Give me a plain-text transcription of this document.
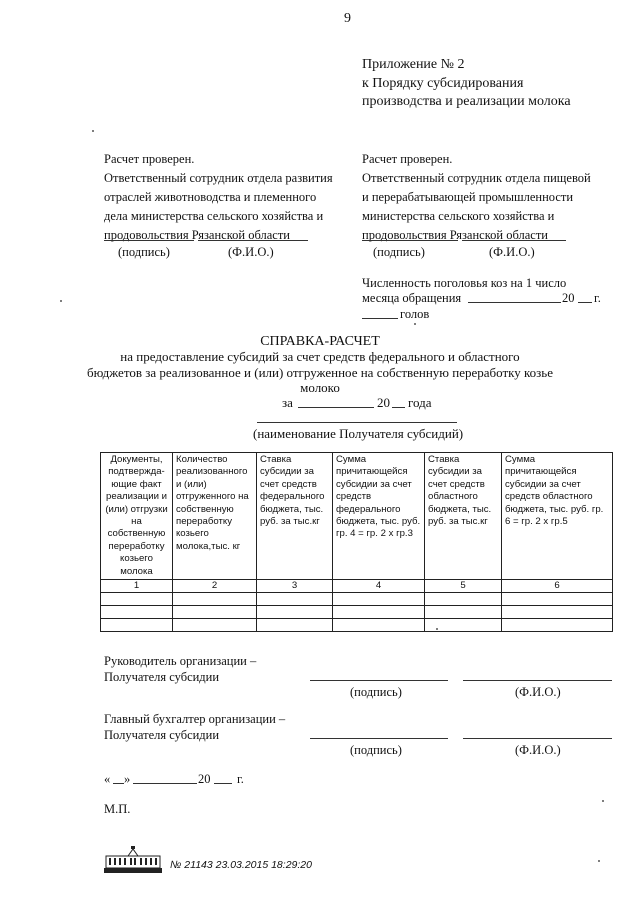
9
Приложение № 2
к Порядку субсидирования
производства и реализации молока
Расчет проверен.
Ответственный сотрудник отдела развития
отраслей животноводства и племенного
дела министерства сельского хозяйства и
продовольствия Рязанской области
(подпись)	(Ф.И.О.)
Расчет проверен.
Ответственный сотрудник отдела пищевой
и перерабатывающей промышленности
министерства сельского хозяйства и
продовольствия Рязанской области
(подпись)	(Ф.И.О.)
Численность поголовья коз на 1 число
месяца обращения	20 г.
голов
СПРАВКА-РАСЧЕТ
на предоставление субсидий за счет средств федерального и областного
бюджетов за реализованное и (или) отгруженное на собственную переработку козье
молоко
за	20 года
(наименование Получателя субсидий)
Документы, подтвержда- ющие факт реализации и (или) отгрузки на собственную переработку козьего молока	Количество реализованного и (или) отгруженного на собственную переработку козьего молока,тыс. кг	Ставка субсидии за счет средств федерального бюджета, тыс. руб. за тыс.кг	Сумма причитающейся субсидии за счет средств федерального бюджета, тыс. руб. гр. 4 = гр. 2 х гр.3	Ставка субсидии за счет средств областного бюджета, тыс. руб. за тыс.кг	Сумма причитающейся субсидии за счет средств областного бюджета, тыс. руб. гр. 6 = гр. 2 х гр.5
1	2	3	4	5	6

Руководитель организации –
Получателя субсидии
(подпись)	(Ф.И.О.)
Главный бухгалтер организации –
Получателя субсидии
(подпись)	(Ф.И.О.)
« »	20 г.
М.П.
№ 21143 23.03.2015 18:29:20
